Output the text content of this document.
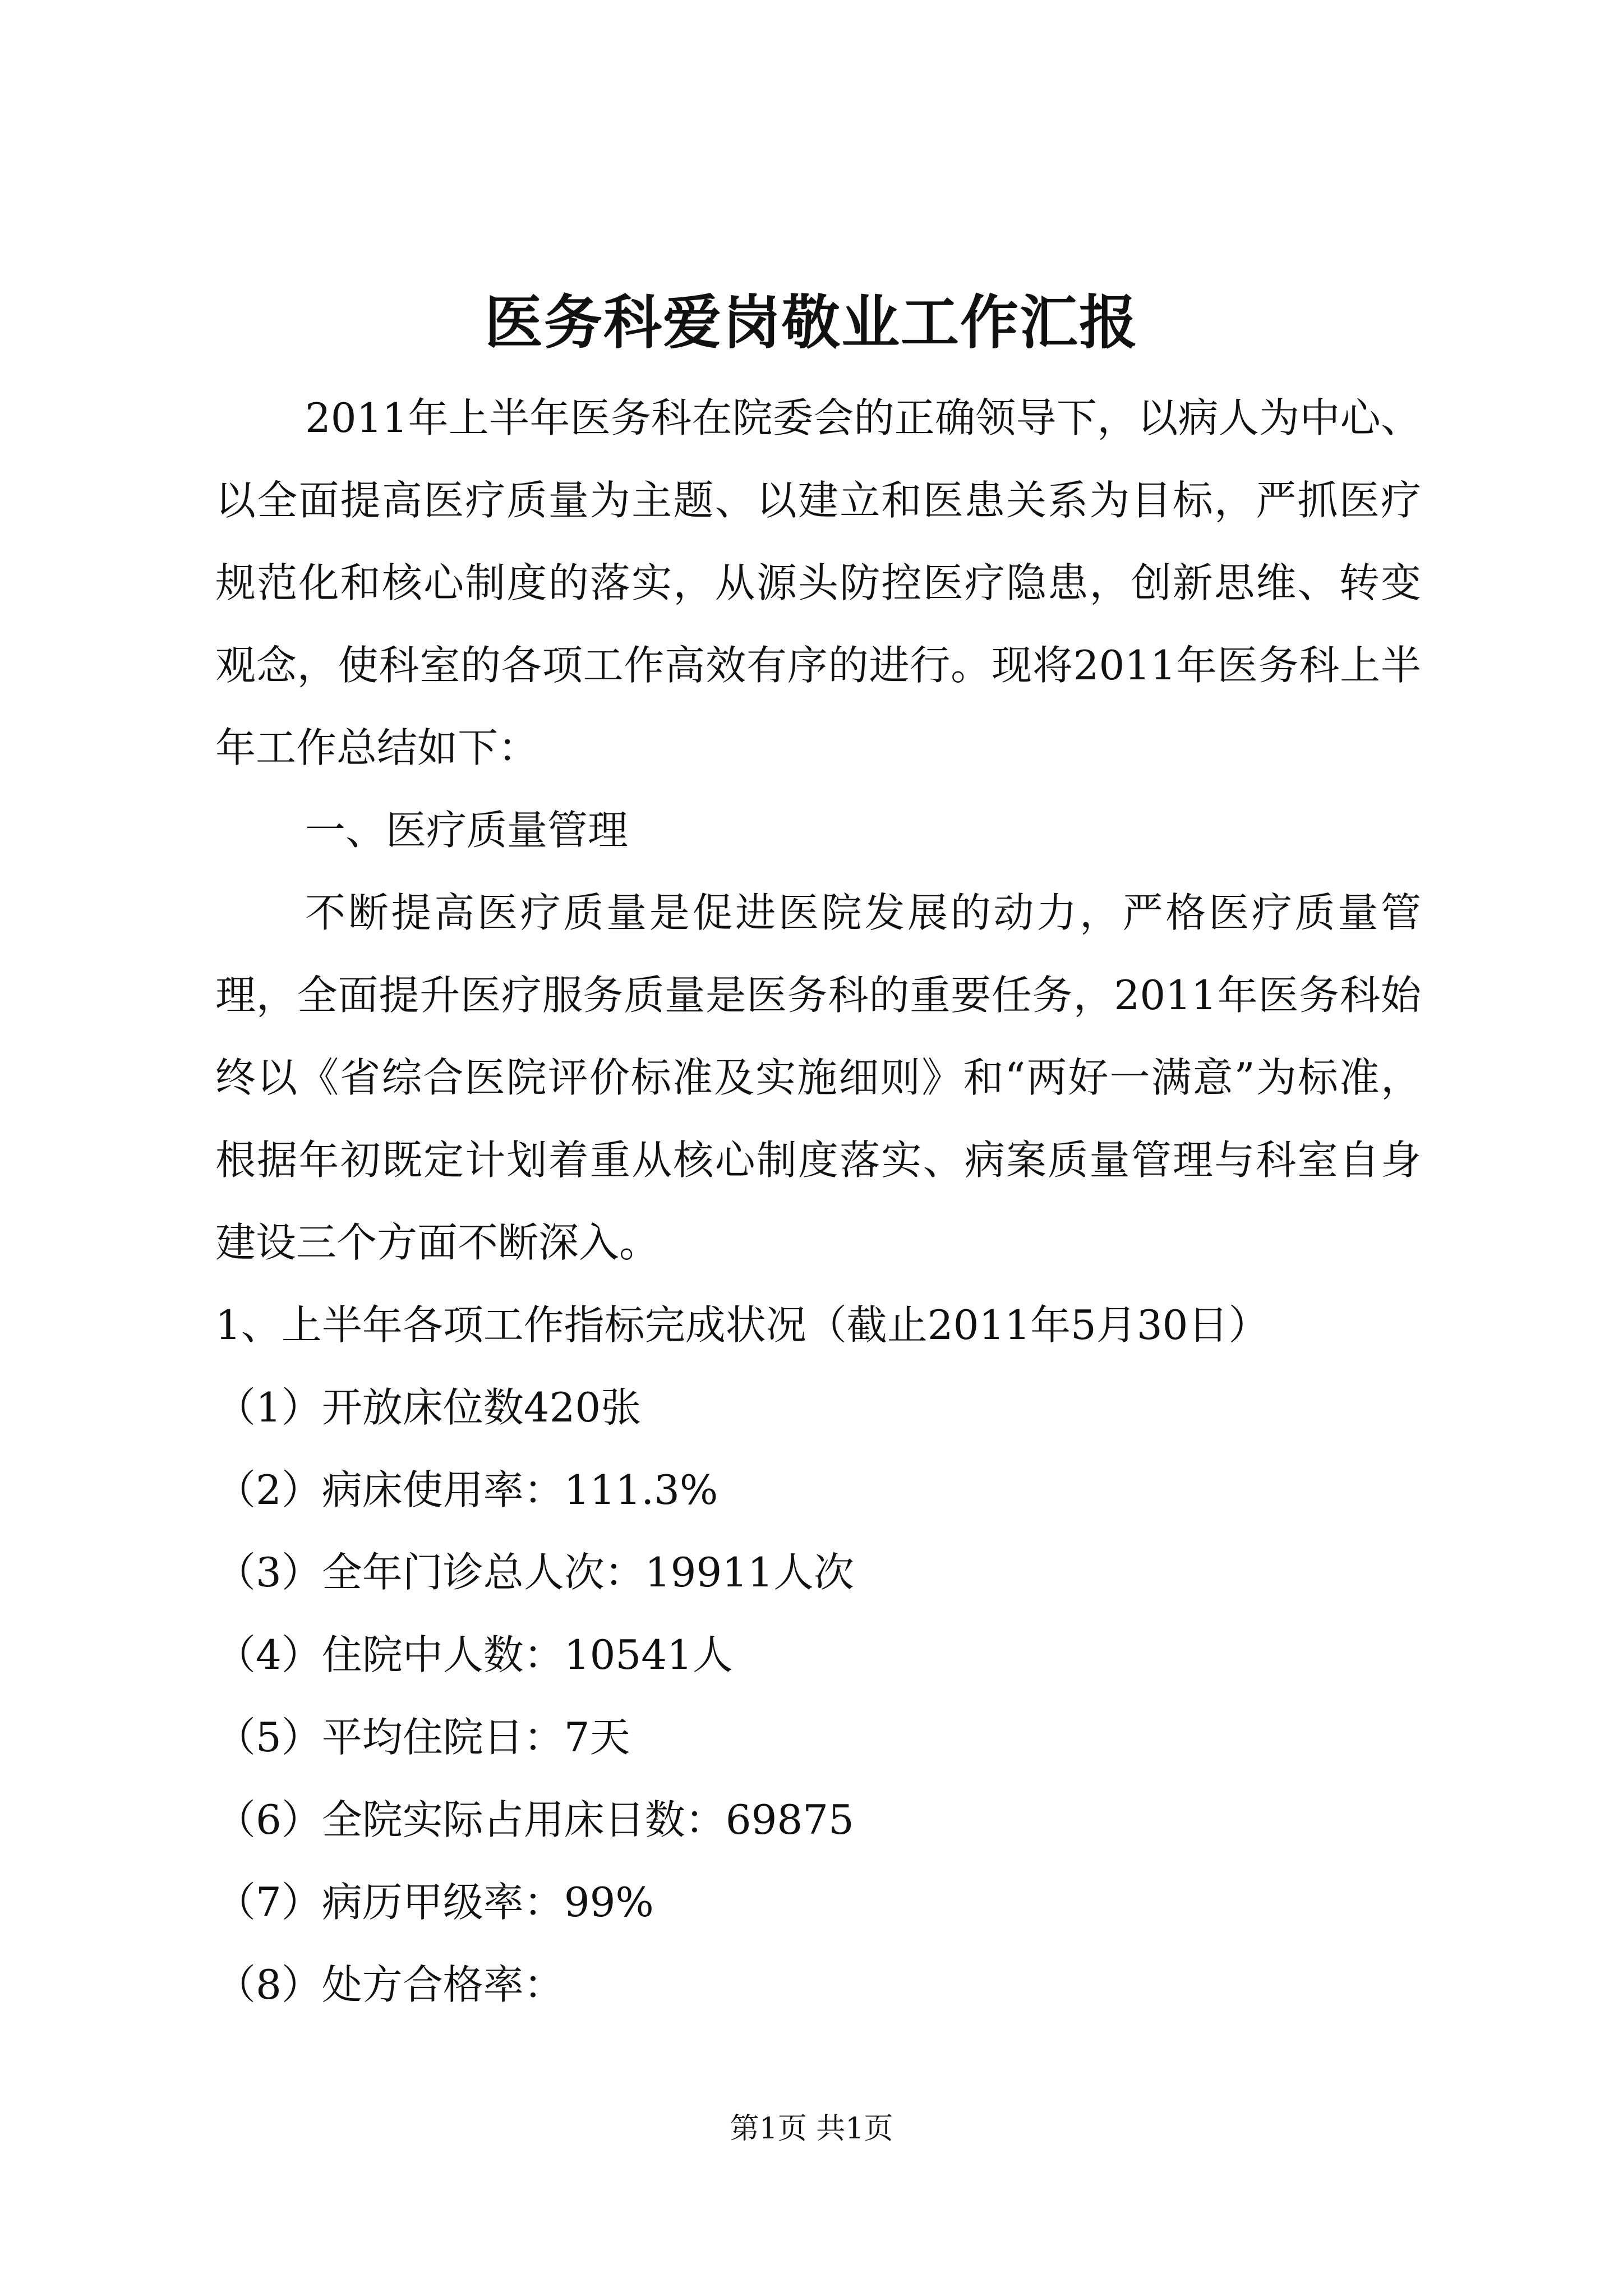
医务科爱岗敬业工作汇报

2011年上半年医务科在院委会的正确领导下，以病人为中心、以全面提高医疗质量为主题、以建立和医患关系为目标，严抓医疗规范化和核心制度的落实，从源头防控医疗隐患，创新思维、转变观念，使科室的各项工作高效有序的进行。现将2011年医务科上半年工作总结如下：

一、医疗质量管理

不断提高医疗质量是促进医院发展的动力，严格医疗质量管理，全面提升医疗服务质量是医务科的重要任务，2011年医务科始终以《省综合医院评价标准及实施细则》和“两好一满意”为标准，根据年初既定计划着重从核心制度落实、病案质量管理与科室自身建设三个方面不断深入。

1、上半年各项工作指标完成状况（截止2011年5月30日）

（1）开放床位数420张

（2）病床使用率：111.3%

（3）全年门诊总人次：19911人次

（4）住院中人数：10541人

（5）平均住院日：7天

（6）全院实际占用床日数：69875

（7）病历甲级率：99%

（8）处方合格率：

第1页 共1页
